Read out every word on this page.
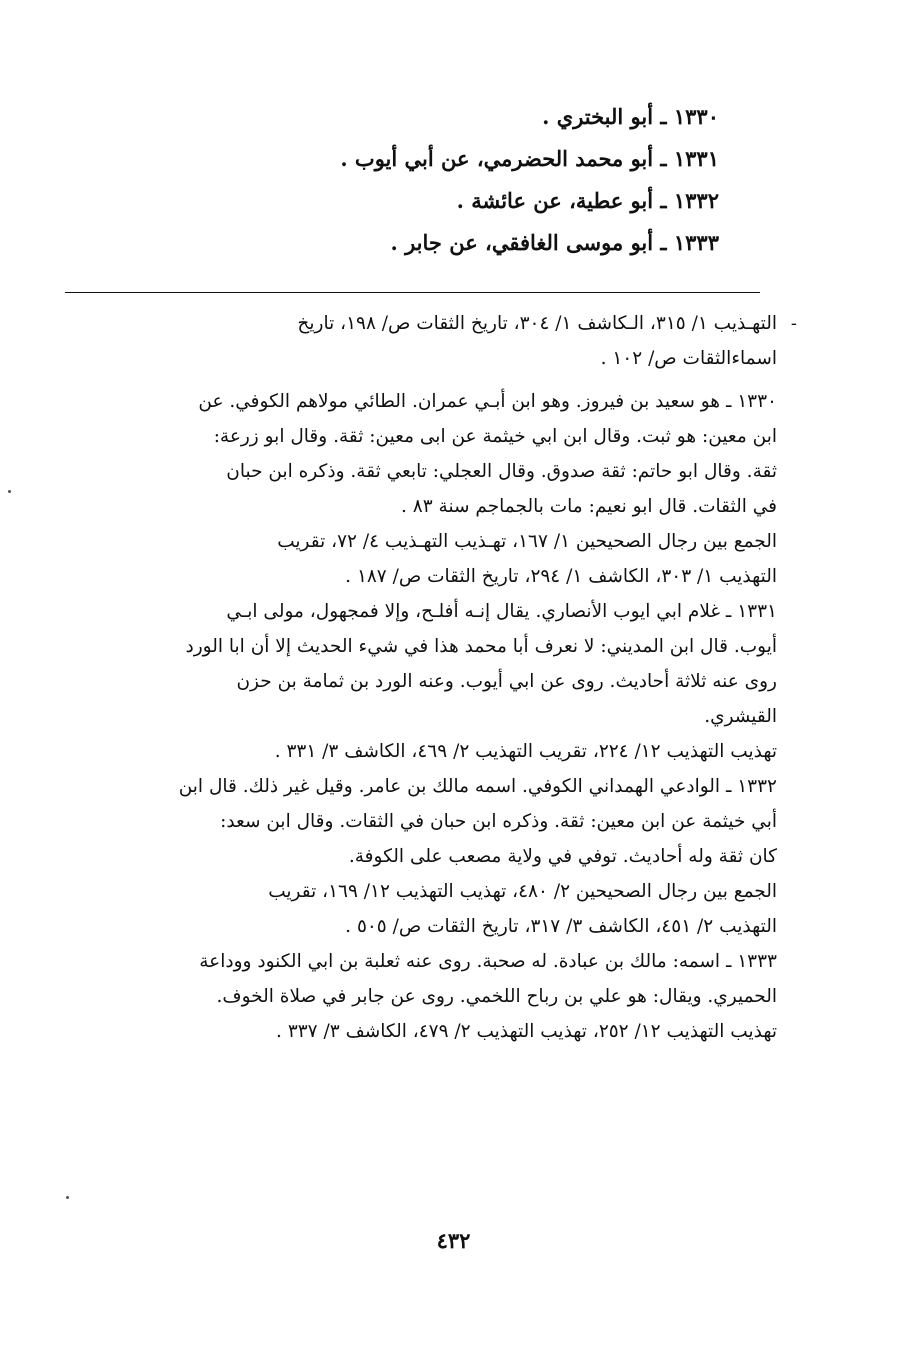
١٣٣٠ ـ أبو البختري .
١٣٣١ ـ أبو محمد الحضرمي، عن أبي أيوب .
١٣٣٢ ـ أبو عطية، عن عائشة .
١٣٣٣ ـ أبو موسى الغافقي، عن جابر .
-
التهـذيب ١/ ٣١٥، الـكاشف ١/ ٣٠٤، تاريخ الثقات ص/ ١٩٨، تاريخ
اسماءالثقات ص/ ١٠٢ .
١٣٣٠ ـ هو سعيد بن فيروز. وهو ابن أبـي عمران. الطائي مولاهم الكوفي. عن
ابن معين: هو ثبت. وقال ابن ابي خيثمة عن ابى معين: ثقة. وقال ابو زرعة:
ثقة. وقال ابو حاتم: ثقة صدوق. وقال العجلي: تابعي ثقة. وذكره ابن حبان
في الثقات. قال ابو نعيم: مات بالجماجم سنة ٨٣ .
الجمع بين رجال الصحيحين ١/ ١٦٧، تهـذيب التهـذيب ٤/ ٧٢، تقريب
التهذيب ١/ ٣٠٣، الكاشف ١/ ٢٩٤، تاريخ الثقات ص/ ١٨٧ .
١٣٣١ ـ غلام ابي ايوب الأنصاري. يقال إنـه أفلـح، وإلا فمجهول، مولى ابـي
أيوب. قال ابن المديني: لا نعرف أبا محمد هذا في شيء الحديث إلا أن ابا الورد
روى عنه ثلاثة أحاديث. روى عن ابي أيوب. وعنه الورد بن ثمامة بن حزن
القيشري.
تهذيب التهذيب ١٢/ ٢٢٤، تقريب التهذيب ٢/ ٤٦٩، الكاشف ٣/ ٣٣١ .
١٣٣٢ ـ الوادعي الهمداني الكوفي. اسمه مالك بن عامر. وقيل غير ذلك. قال ابن
أبي خيثمة عن ابن معين: ثقة. وذكره ابن حبان في الثقات. وقال ابن سعد:
كان ثقة وله أحاديث. توفي في ولاية مصعب على الكوفة.
الجمع بين رجال الصحيحين ٢/ ٤٨٠، تهذيب التهذيب ١٢/ ١٦٩، تقريب
التهذيب ٢/ ٤٥١، الكاشف ٣/ ٣١٧، تاريخ الثقات ص/ ٥٠٥ .
١٣٣٣ ـ اسمه: مالك بن عبادة. له صحبة. روى عنه ثعلبة بن ابي الكنود ووداعة
الحميري. ويقال: هو علي بن رباح اللخمي. روى عن جابر في صلاة الخوف.
تهذيب التهذيب ١٢/ ٢٥٢، تهذيب التهذيب ٢/ ٤٧٩، الكاشف ٣/ ٣٣٧ .
٤٣٢
